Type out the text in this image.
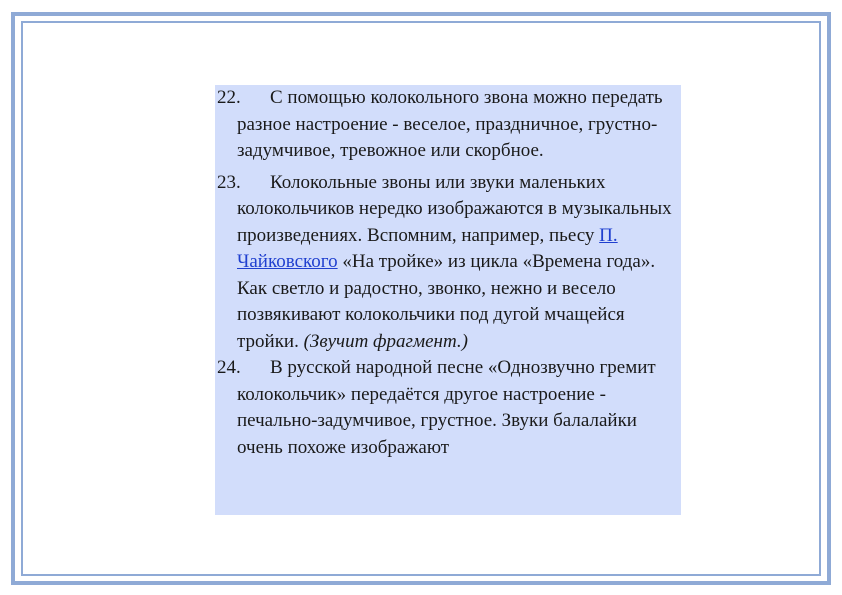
22. С помощью колокольного звона можно передать разное настроение - веселое, праздничное, грустно-задумчивое, тревожное или скорбное.
23. Колокольные звоны или звуки маленьких колокольчиков нередко изображаются в музыкальных произведениях. Вспомним, например, пьесу П. Чайковского «На тройке» из цикла «Времена года». Как светло и радостно, звонко, нежно и весело позвякивают колокольчики под дугой мчащейся тройки. (Звучит фрагмент.)
24. В русской народной песне «Однозвучно гремит колокольчик» передаётся другое настроение - печально-задумчивое, грустное. Звуки балалайки очень похоже изображают
